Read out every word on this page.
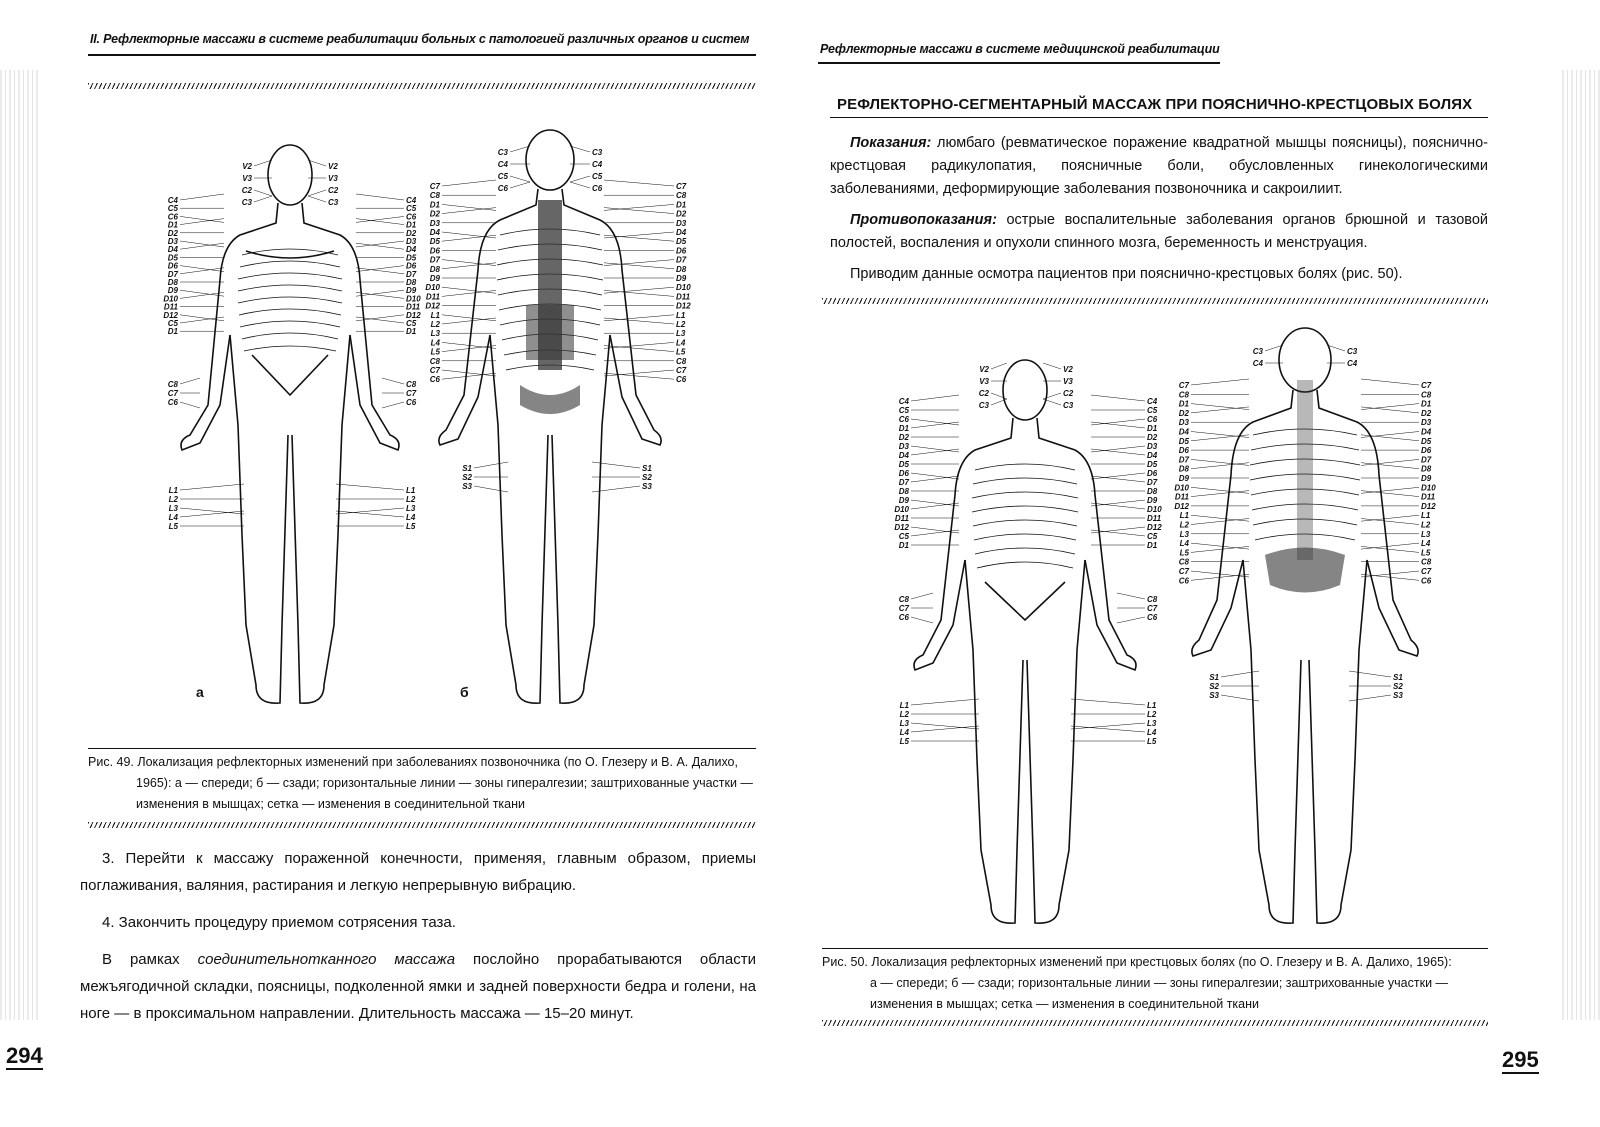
II. Рефлекторные массажи в системе реабилитации больных с патологией различных органов и систем
а	б
C4
C5
C6
D1
D2
D3
D4
D5
D6
D7
D8
D9
D10
D11
D12
C5
D1
C4
C5
C6
D1
D2
D3
D4
D5
D6
D7
D8
D9
D10
D11
D12
C5
D1
C8
C7
C6
C8
C7
C6
L1
L2
L3
L4
L5
L1
L2
L3
L4
L5
V2
V3
C2
C3
V2
V3
C2
C3
C3
C4
C5
C6
C3
C4
C5
C6
C7
C8
D1
D2
D3
D4
D5
D6
D7
D8
D9
D10
D11
D12
L1
L2
L3
L4
L5
C8
C7
C6
C7
C8
D1
D2
D3
D4
D5
D6
D7
D8
D9
D10
D11
D12
L1
L2
L3
L4
L5
C8
C7
C6
S1
S2
S3
S1
S2
S3
Рис. 49. Локализация рефлекторных изменений при заболеваниях позвоночника (по О. Глезеру и В. А. Далихо,
1965): а — спереди; б — сзади; горизонтальные линии — зоны гипералгезии; заштрихованные участки — изменения в мышцах; сетка — изменения в соединительной ткани

3. Перейти к массажу пораженной конечности, применяя, главным образом, приемы поглаживания, валяния, растирания и легкую непрерывную вибрацию.

4. Закончить процедуру приемом сотрясения таза.

В рамках соединительнотканного массажа послойно прорабатываются области межъягодичной складки, поясницы, подколенной ямки и задней поверхности бедра и голени, на ноге — в проксимальном направлении. Длительность массажа — 15–20 минут.

294
Рефлекторные массажи в системе медицинской реабилитации
РЕФЛЕКТОРНО-СЕГМЕНТАРНЫЙ МАССАЖ ПРИ ПОЯСНИЧНО-КРЕСТЦОВЫХ БОЛЯХ

Показания: люмбаго (ревматическое поражение квадратной мышцы поясницы), пояснично-крестцовая радикулопатия, поясничные боли, обусловленных гинекологическими заболеваниями, деформирующие заболевания позвоночника и сакроилиит.

Противопоказания: острые воспалительные заболевания органов брюшной и тазовой полостей, воспаления и опухоли спинного мозга, беременность и менструация.

Приводим данные осмотра пациентов при пояснично-крестцовых болях (рис. 50).

C4
C5
C6
D1
D2
D3
D4
D5
D6
D7
D8
D9
D10
D11
D12
C5
D1
C4
C5
C6
D1
D2
D3
D4
D5
D6
D7
D8
D9
D10
D11
D12
C5
D1
C8
C7
C6
C8
C7
C6
L1
L2
L3
L4
L5
L1
L2
L3
L4
L5
V2
V3
C2
C3
V2
V3
C2
C3
C3
C4
C3
C4
C7
C8
D1
D2
D3
D4
D5
D6
D7
D8
D9
D10
D11
D12
L1
L2
L3
L4
L5
C8
C7
C6
C7
C8
D1
D2
D3
D4
D5
D6
D7
D8
D9
D10
D11
D12
L1
L2
L3
L4
L5
C8
C7
C6
S1
S2
S3
S1
S2
S3
Рис. 50. Локализация рефлекторных изменений при крестцовых болях (по О. Глезеру и В. А. Далихо, 1965):
а — спереди; б — сзади; горизонтальные линии — зоны гипералгезии; заштрихованные участки — изменения в мышцах; сетка — изменения в соединительной ткани
295
